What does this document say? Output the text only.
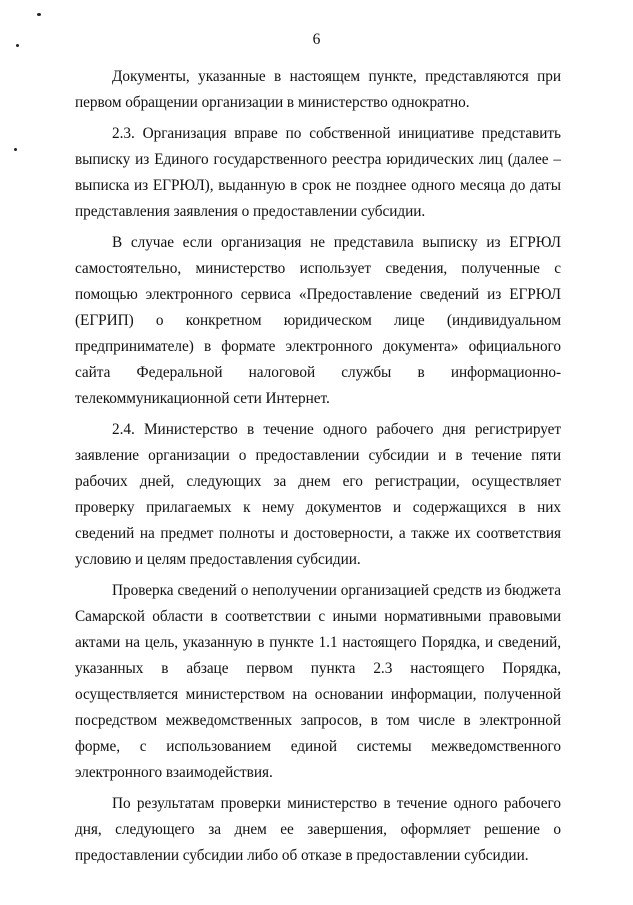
6

Документы, указанные в настоящем пункте, представляются при первом обращении организации в министерство однократно.

2.3. Организация вправе по собственной инициативе представить выписку из Единого государственного реестра юридических лиц (далее – выписка из ЕГРЮЛ), выданную в срок не позднее одного месяца до даты представления заявления о предоставлении субсидии.

В случае если организация не представила выписку из ЕГРЮЛ самостоятельно, министерство использует сведения, полученные с помощью электронного сервиса «Предоставление сведений из ЕГРЮЛ (ЕГРИП) о конкретном юридическом лице (индивидуальном предпринимателе) в формате электронного документа» официального сайта Федеральной налоговой службы в информационно-телекоммуникационной сети Интернет.

2.4. Министерство в течение одного рабочего дня регистрирует заявление организации о предоставлении субсидии и в течение пяти рабочих дней, следующих за днем его регистрации, осуществляет проверку прилагаемых к нему документов и содержащихся в них сведений на предмет полноты и достоверности, а также их соответствия условию и целям предоставления субсидии.

Проверка сведений о неполучении организацией средств из бюджета Самарской области в соответствии с иными нормативными правовыми актами на цель, указанную в пункте 1.1 настоящего Порядка, и сведений, указанных в абзаце первом пункта 2.3 настоящего Порядка, осуществляется министерством на основании информации, полученной посредством межведомственных запросов, в том числе в электронной форме, с использованием единой системы межведомственного электронного взаимодействия.

По результатам проверки министерство в течение одного рабочего дня, следующего за днем ее завершения, оформляет решение о предоставлении субсидии либо об отказе в предоставлении субсидии.
